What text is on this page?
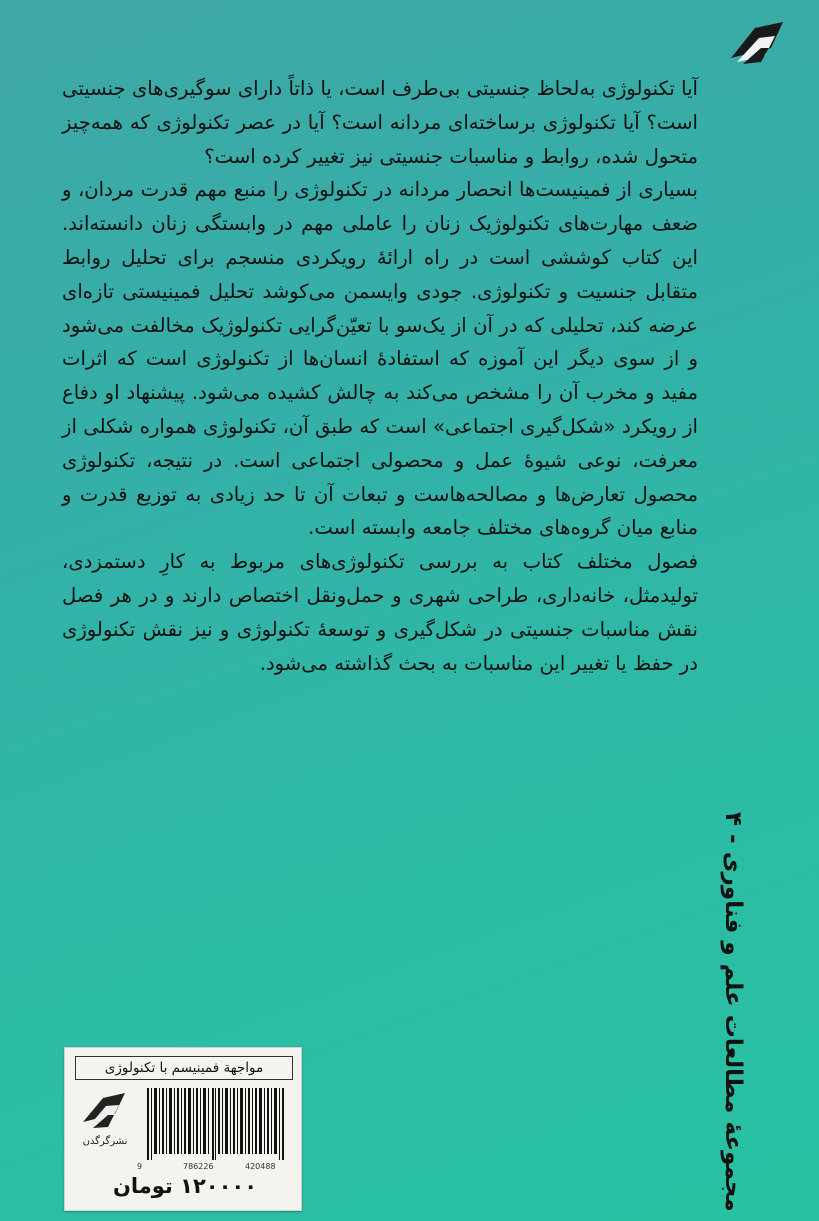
آیا تکنولوژی به‌لحاظ جنسیتی بی‌طرف است، یا ذاتاً دارای سوگیری‌های جنسیتی است؟ آیا تکنولوژی برساخته‌ای مردانه است؟ آیا در عصر تکنولوژی که همه‌چیز متحول شده، روابط و مناسبات جنسیتی نیز تغییر کرده است؟

بسیاری از فمینیست‌ها انحصار مردانه در تکنولوژی را منبع مهم قدرت مردان، و ضعف مهارت‌های تکنولوژیک زنان را عاملی مهم در وابستگی زنان دانسته‌اند. این کتاب کوششی است در راه ارائهٔ رویکردی منسجم برای تحلیل روابط متقابل جنسیت و تکنولوژی. جودی وایسمن می‌کوشد تحلیل فمینیستی تازه‌ای عرضه کند، تحلیلی که در آن از یک‌سو با تعیّن‌گرایی تکنولوژیک مخالفت می‌شود و از سوی دیگر این آموزه که استفادهٔ انسان‌ها از تکنولوژی است که اثرات مفید و مخرب آن را مشخص می‌کند به چالش کشیده می‌شود. پیشنهاد او دفاع از رویکرد «شکل‌گیری اجتماعی» است که طبق آن، تکنولوژی همواره شکلی از معرفت، نوعی شیوهٔ عمل و محصولی اجتماعی است. در نتیجه، تکنولوژی محصول تعارض‌ها و مصالحه‌هاست و تبعات آن تا حد زیادی به توزیع قدرت و منابع میان گروه‌های مختلف جامعه وابسته است.

فصول مختلف کتاب به بررسی تکنولوژی‌های مربوط به کارِ دستمزدی، تولیدمثل، خانه‌داری، طراحی شهری و حمل‌ونقل اختصاص دارند و در هر فصل نقش مناسبات جنسیتی در شکل‌گیری و توسعهٔ تکنولوژی و نیز نقش تکنولوژی در حفظ یا تغییر این مناسبات به بحث گذاشته می‌شود.

مجموعهٔ مطالعات علم و فناوری - ۴
مواجهة فمينيسم با تكنولوژی
9	786226	420488
نشرگرگدن
۱۲۰۰۰۰ تومان
